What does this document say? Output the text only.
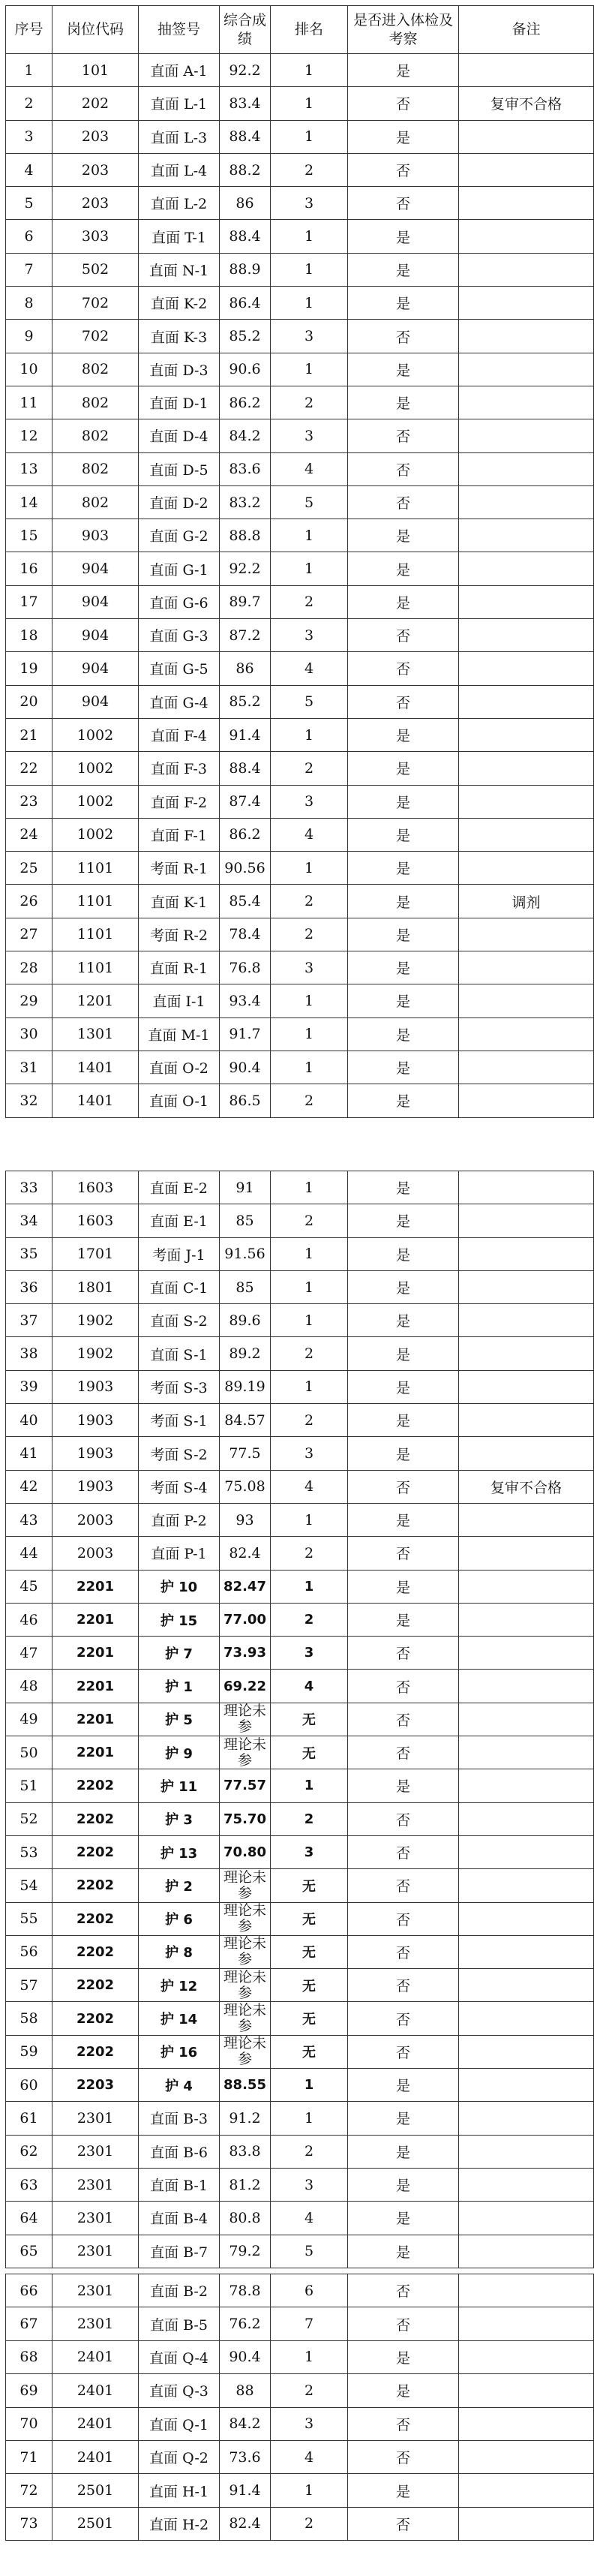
序号	岗位代码	抽签号	综合成绩	排名	是否进入体检及考察	备注
1	101	直面 A-1	92.2	1	是	
2	202	直面 L-1	83.4	1	否	复审不合格
3	203	直面 L-3	88.4	1	是	
4	203	直面 L-4	88.2	2	否	
5	203	直面 L-2	86	3	否	
6	303	直面 T-1	88.4	1	是	
7	502	直面 N-1	88.9	1	是	
8	702	直面 K-2	86.4	1	是	
9	702	直面 K-3	85.2	3	否	
10	802	直面 D-3	90.6	1	是	
11	802	直面 D-1	86.2	2	是	
12	802	直面 D-4	84.2	3	否	
13	802	直面 D-5	83.6	4	否	
14	802	直面 D-2	83.2	5	否	
15	903	直面 G-2	88.8	1	是	
16	904	直面 G-1	92.2	1	是	
17	904	直面 G-6	89.7	2	是	
18	904	直面 G-3	87.2	3	否	
19	904	直面 G-5	86	4	否	
20	904	直面 G-4	85.2	5	否	
21	1002	直面 F-4	91.4	1	是	
22	1002	直面 F-3	88.4	2	是	
23	1002	直面 F-2	87.4	3	是	
24	1002	直面 F-1	86.2	4	是	
25	1101	考面 R-1	90.56	1	是	
26	1101	直面 K-1	85.4	2	是	调剂
27	1101	考面 R-2	78.4	2	是	
28	1101	直面 R-1	76.8	3	是	
29	1201	直面 I-1	93.4	1	是	
30	1301	直面 M-1	91.7	1	是	
31	1401	直面 O-2	90.4	1	是	
32	1401	直面 O-1	86.5	2	是	
33	1603	直面 E-2	91	1	是	
34	1603	直面 E-1	85	2	是	
35	1701	考面 J-1	91.56	1	是	
36	1801	直面 C-1	85	1	是	
37	1902	直面 S-2	89.6	1	是	
38	1902	直面 S-1	89.2	2	是	
39	1903	考面 S-3	89.19	1	是	
40	1903	考面 S-1	84.57	2	是	
41	1903	考面 S-2	77.5	3	是	
42	1903	考面 S-4	75.08	4	否	复审不合格
43	2003	直面 P-2	93	1	是	
44	2003	直面 P-1	82.4	2	否	
45	2201	护 10	82.47	1	是	
46	2201	护 15	77.00	2	是	
47	2201	护 7	73.93	3	否	
48	2201	护 1	69.22	4	否	
49	2201	护 5	理论未参	无	否	
50	2201	护 9	理论未参	无	否	
51	2202	护 11	77.57	1	是	
52	2202	护 3	75.70	2	否	
53	2202	护 13	70.80	3	否	
54	2202	护 2	理论未参	无	否	
55	2202	护 6	理论未参	无	否	
56	2202	护 8	理论未参	无	否	
57	2202	护 12	理论未参	无	否	
58	2202	护 14	理论未参	无	否	
59	2202	护 16	理论未参	无	否	
60	2203	护 4	88.55	1	是	
61	2301	直面 B-3	91.2	1	是	
62	2301	直面 B-6	83.8	2	是	
63	2301	直面 B-1	81.2	3	是	
64	2301	直面 B-4	80.8	4	是	
65	2301	直面 B-7	79.2	5	是	
66	2301	直面 B-2	78.8	6	否	
67	2301	直面 B-5	76.2	7	否	
68	2401	直面 Q-4	90.4	1	是	
69	2401	直面 Q-3	88	2	是	
70	2401	直面 Q-1	84.2	3	否	
71	2401	直面 Q-2	73.6	4	否	
72	2501	直面 H-1	91.4	1	是	
73	2501	直面 H-2	82.4	2	否	
